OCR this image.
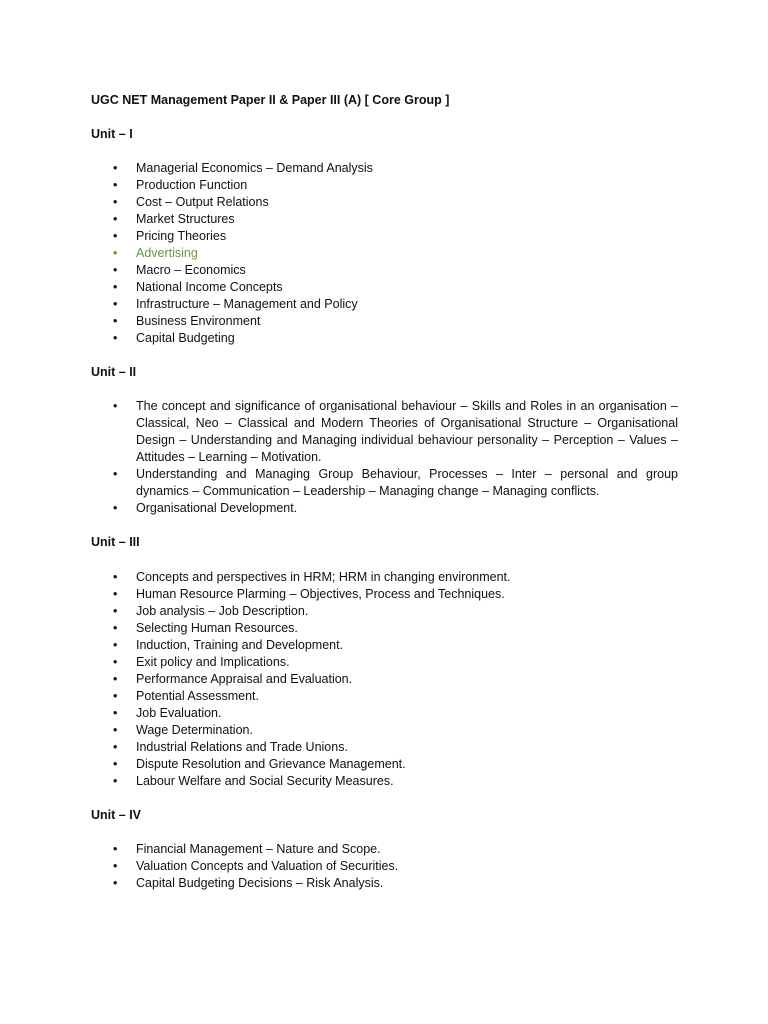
UGC NET Management Paper II & Paper III (A) [ Core Group ]
Unit – I
• Managerial Economics – Demand Analysis
• Production Function
• Cost – Output Relations
• Market Structures
• Pricing Theories
• Advertising
• Macro – Economics
• National Income Concepts
• Infrastructure – Management and Policy
• Business Environment
• Capital Budgeting
Unit – II
• The concept and significance of organisational behaviour – Skills and Roles in an organisation – Classical, Neo – Classical and Modern Theories of Organisational Structure – Organisational Design – Understanding and Managing individual behaviour personality – Perception – Values – Attitudes – Learning – Motivation.
• Understanding and Managing Group Behaviour, Processes – Inter – personal and group dynamics – Communication – Leadership – Managing change – Managing conflicts.
• Organisational Development.
Unit – III
• Concepts and perspectives in HRM; HRM in changing environment.
• Human Resource Plarming – Objectives, Process and Techniques.
• Job analysis – Job Description.
• Selecting Human Resources.
• Induction, Training and Development.
• Exit policy and Implications.
• Performance Appraisal and Evaluation.
• Potential Assessment.
• Job Evaluation.
• Wage Determination.
• Industrial Relations and Trade Unions.
• Dispute Resolution and Grievance Management.
• Labour Welfare and Social Security Measures.
Unit – IV
• Financial Management – Nature and Scope.
• Valuation Concepts and Valuation of Securities.
• Capital Budgeting Decisions – Risk Analysis.
